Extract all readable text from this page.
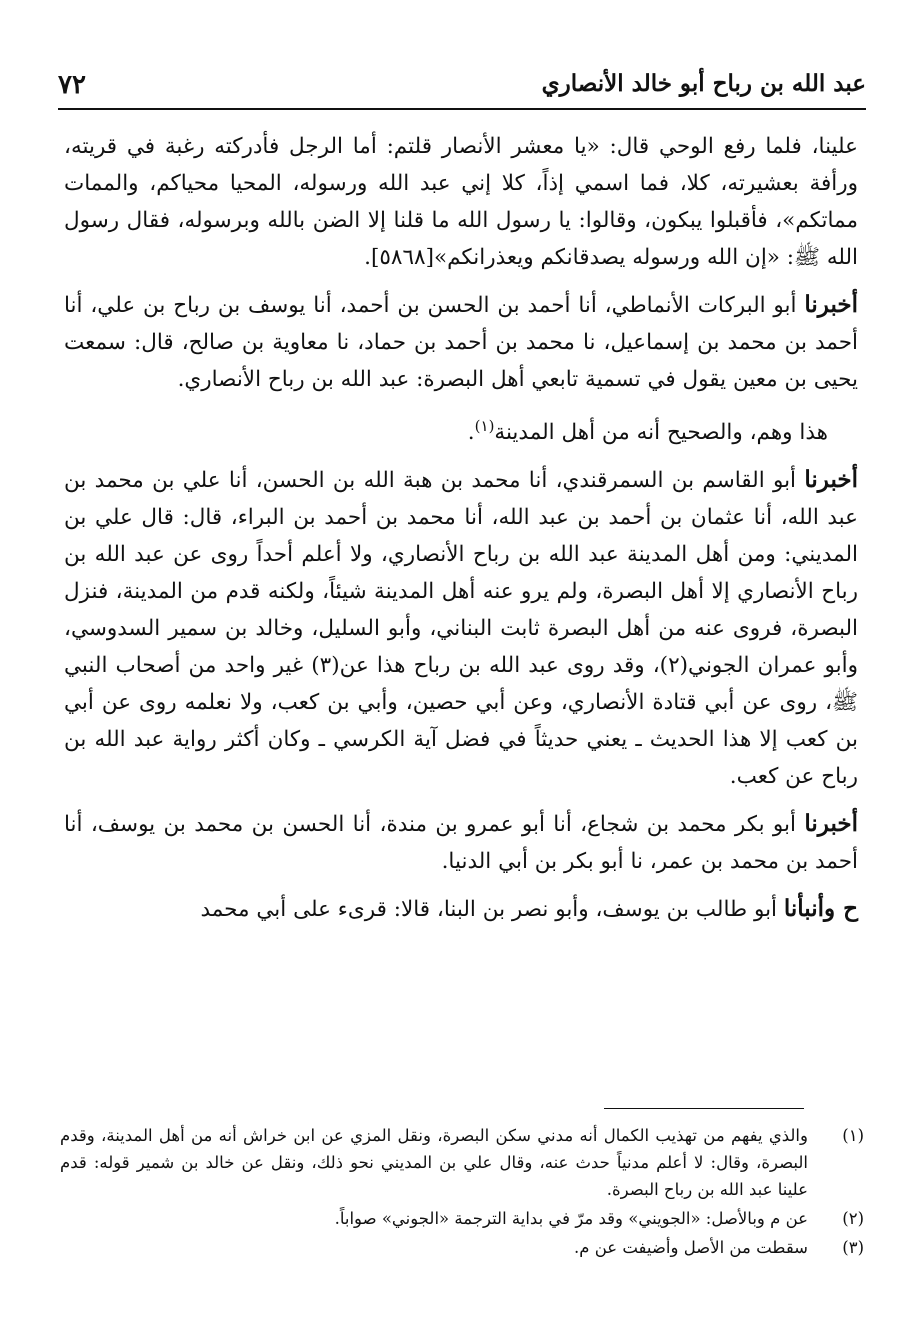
عبد الله بن رباح أبو خالد الأنصاري
٧٢

علينا، فلما رفع الوحي قال: «يا معشر الأنصار قلتم: أما الرجل فأدركته رغبة في قريته، ورأفة بعشيرته، كلا، فما اسمي إذاً، كلا إني عبد الله ورسوله، المحيا محياكم، والممات مماتكم»، فأقبلوا يبكون، وقالوا: يا رسول الله ما قلنا إلا الضن بالله وبرسوله، فقال رسول الله ﷺ: «إن الله ورسوله يصدقانكم ويعذرانكم»[٥٨٦٨].

أخبرنا أبو البركات الأنماطي، أنا أحمد بن الحسن بن أحمد، أنا يوسف بن رباح بن علي، أنا أحمد بن محمد بن إسماعيل، نا محمد بن أحمد بن حماد، نا معاوية بن صالح، قال: سمعت يحيى بن معين يقول في تسمية تابعي أهل البصرة: عبد الله بن رباح الأنصاري.

هذا وهم، والصحيح أنه من أهل المدينة$^{(١)}$.

أخبرنا أبو القاسم بن السمرقندي، أنا محمد بن هبة الله بن الحسن، أنا علي بن محمد بن عبد الله، أنا عثمان بن أحمد بن عبد الله، أنا محمد بن أحمد بن البراء، قال: قال علي بن المديني: ومن أهل المدينة عبد الله بن رباح الأنصاري، ولا أعلم أحداً روى عن عبد الله بن رباح الأنصاري إلا أهل البصرة، ولم يرو عنه أهل المدينة شيئاً، ولكنه قدم من المدينة، فنزل البصرة، فروى عنه من أهل البصرة ثابت البناني، وأبو السليل، وخالد بن سمير السدوسي، وأبو عمران الجوني(٢)، وقد روى عبد الله بن رباح هذا عن(٣) غير واحد من أصحاب النبي ﷺ، روى عن أبي قتادة الأنصاري، وعن أبي حصين، وأبي بن كعب، ولا نعلمه روى عن أبي بن كعب إلا هذا الحديث ـ يعني حديثاً في فضل آية الكرسي ـ وكان أكثر رواية عبد الله بن رباح عن كعب.

أخبرنا أبو بكر محمد بن شجاع، أنا أبو عمرو بن مندة، أنا الحسن بن محمد بن يوسف، أنا أحمد بن محمد بن عمر، نا أبو بكر بن أبي الدنيا.

ح وأنبأنا أبو طالب بن يوسف، وأبو نصر بن البنا، قالا: قرىء على أبي محمد

(١)
والذي يفهم من تهذيب الكمال أنه مدني سكن البصرة، ونقل المزي عن ابن خراش أنه من أهل المدينة، وقدم البصرة، وقال: لا أعلم مدنياً حدث عنه، وقال علي بن المديني نحو ذلك، ونقل عن خالد بن شمير قوله: قدم علينا عبد الله بن رباح البصرة.

(٢)
عن م وبالأصل: «الجويني» وقد مرّ في بداية الترجمة «الجوني» صواباً.

(٣)
سقطت من الأصل وأضيفت عن م.
